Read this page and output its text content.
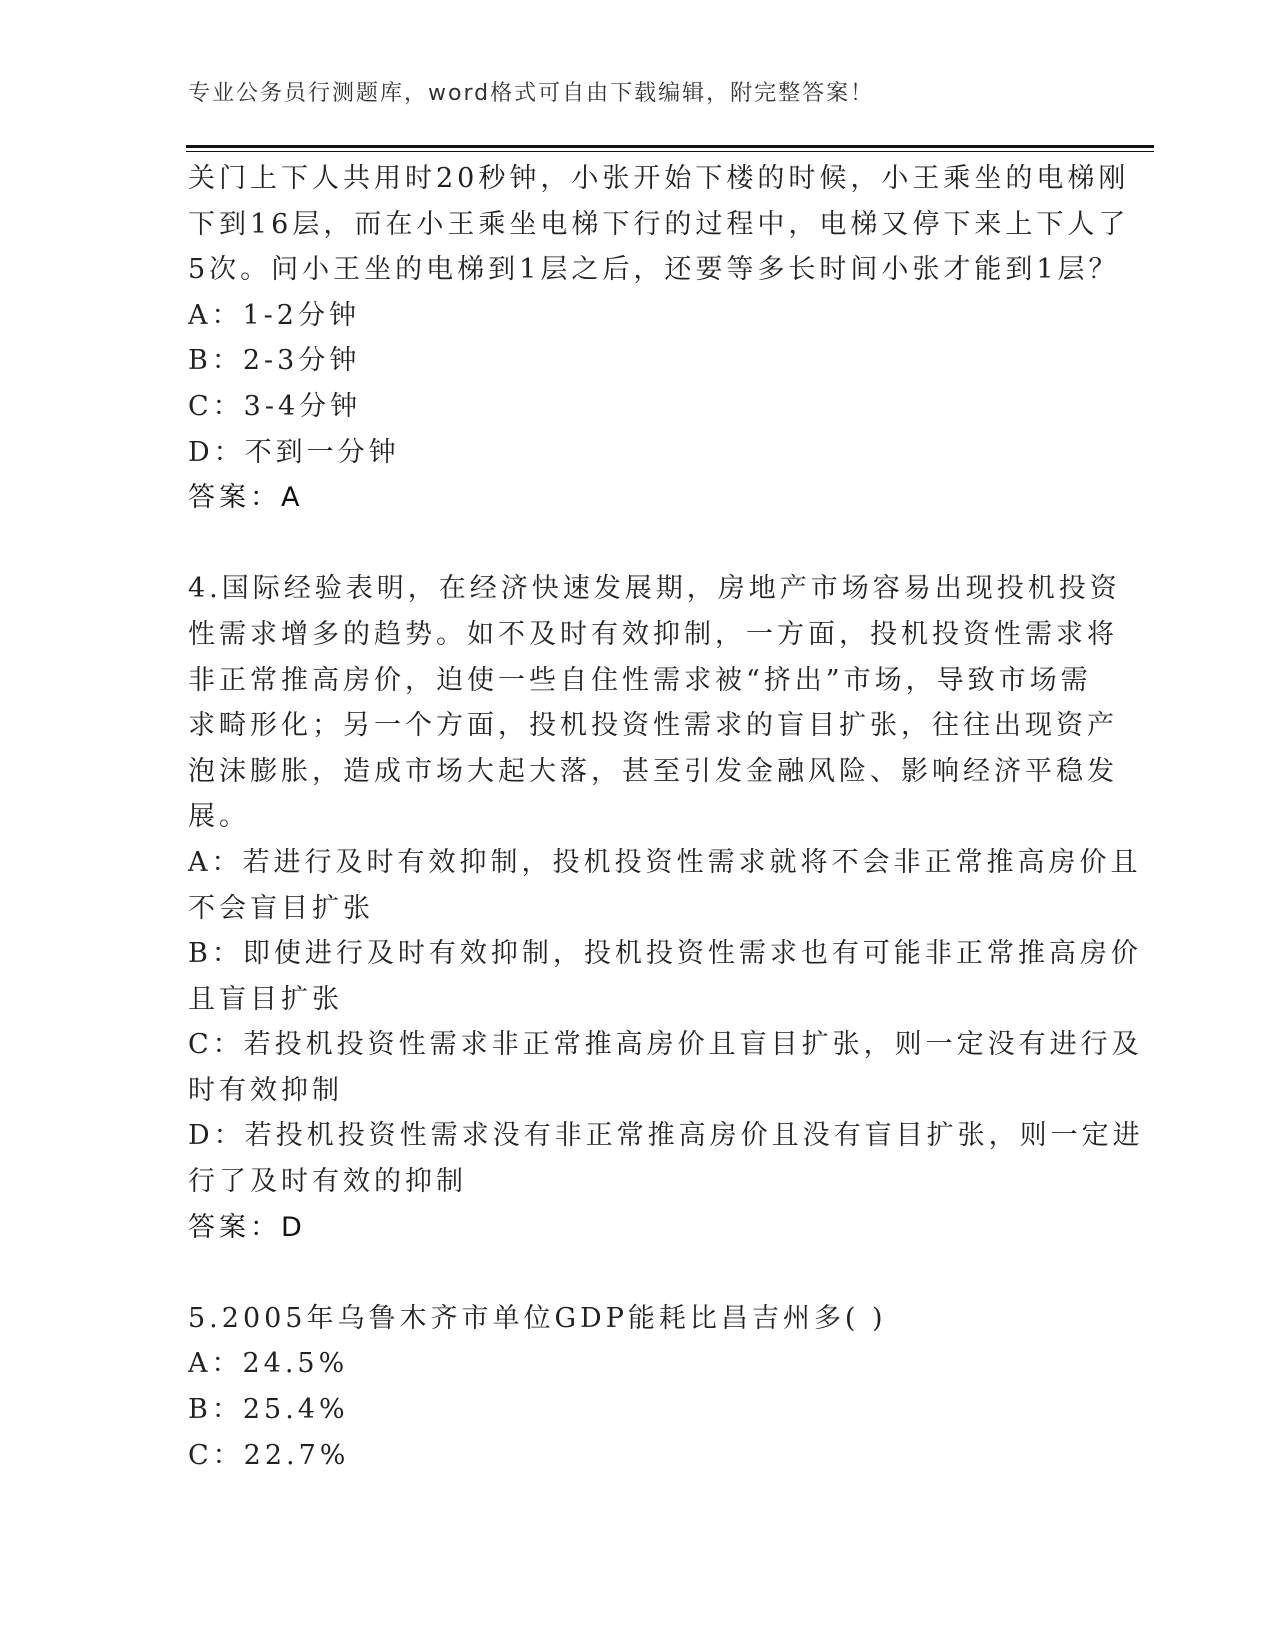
专业公务员行测题库，word格式可自由下载编辑，附完整答案！
关门上下人共用时20秒钟，小张开始下楼的时候，小王乘坐的电梯刚
下到16层，而在小王乘坐电梯下行的过程中，电梯又停下来上下人了
5次。问小王坐的电梯到1层之后，还要等多长时间小张才能到1层？
A：1-2分钟
B：2-3分钟
C：3-4分钟
D：不到一分钟
答案：A
4.国际经验表明，在经济快速发展期，房地产市场容易出现投机投资
性需求增多的趋势。如不及时有效抑制，一方面，投机投资性需求将
非正常推高房价，迫使一些自住性需求被“挤出”市场，导致市场需
求畸形化；另一个方面，投机投资性需求的盲目扩张，往往出现资产
泡沫膨胀，造成市场大起大落，甚至引发金融风险、影响经济平稳发
展。
A：若进行及时有效抑制，投机投资性需求就将不会非正常推高房价且
不会盲目扩张
B：即使进行及时有效抑制，投机投资性需求也有可能非正常推高房价
且盲目扩张
C：若投机投资性需求非正常推高房价且盲目扩张，则一定没有进行及
时有效抑制
D：若投机投资性需求没有非正常推高房价且没有盲目扩张，则一定进
行了及时有效的抑制
答案：D
5.2005年乌鲁木齐市单位GDP能耗比昌吉州多( )
A：24.5%
B：25.4%
C：22.7%
